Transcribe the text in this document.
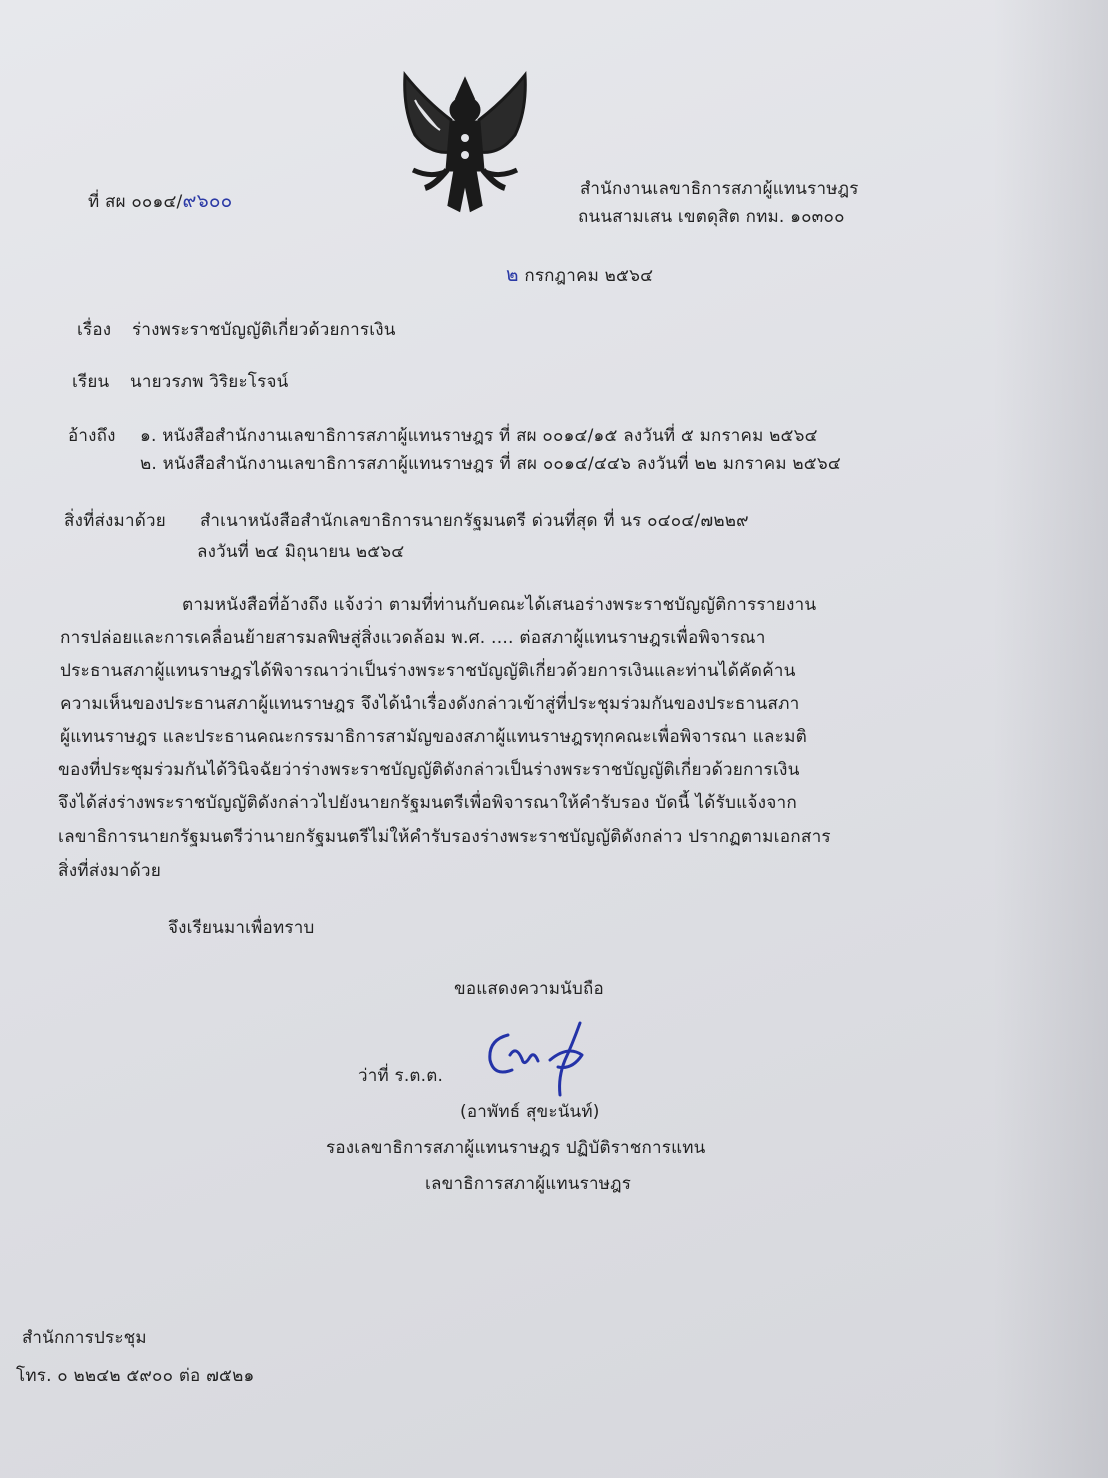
ที่ สผ ๐๐๑๔/๙๖๐๐
สำนักงานเลขาธิการสภาผู้แทนราษฎร
ถนนสามเสน เขตดุสิต กทม. ๑๐๓๐๐
๒ กรกฎาคม ๒๕๖๔
เรื่อง ร่างพระราชบัญญัติเกี่ยวด้วยการเงิน
เรียน นายวรภพ วิริยะโรจน์
อ้างถึง ๑. หนังสือสำนักงานเลขาธิการสภาผู้แทนราษฎร ที่ สผ ๐๐๑๔/๑๕ ลงวันที่ ๕ มกราคม ๒๕๖๔
๒. หนังสือสำนักงานเลขาธิการสภาผู้แทนราษฎร ที่ สผ ๐๐๑๔/๔๔๖ ลงวันที่ ๒๒ มกราคม ๒๕๖๔
สิ่งที่ส่งมาด้วย สำเนาหนังสือสำนักเลขาธิการนายกรัฐมนตรี ด่วนที่สุด ที่ นร ๐๔๐๔/๗๒๒๙
ลงวันที่ ๒๔ มิถุนายน ๒๕๖๔
ตามหนังสือที่อ้างถึง แจ้งว่า ตามที่ท่านกับคณะได้เสนอร่างพระราชบัญญัติการรายงาน
การปล่อยและการเคลื่อนย้ายสารมลพิษสู่สิ่งแวดล้อม พ.ศ. .... ต่อสภาผู้แทนราษฎรเพื่อพิจารณา
ประธานสภาผู้แทนราษฎรได้พิจารณาว่าเป็นร่างพระราชบัญญัติเกี่ยวด้วยการเงินและท่านได้คัดค้าน
ความเห็นของประธานสภาผู้แทนราษฎร จึงได้นำเรื่องดังกล่าวเข้าสู่ที่ประชุมร่วมกันของประธานสภา
ผู้แทนราษฎร และประธานคณะกรรมาธิการสามัญของสภาผู้แทนราษฎรทุกคณะเพื่อพิจารณา และมติ
ของที่ประชุมร่วมกันได้วินิจฉัยว่าร่างพระราชบัญญัติดังกล่าวเป็นร่างพระราชบัญญัติเกี่ยวด้วยการเงิน
จึงได้ส่งร่างพระราชบัญญัติดังกล่าวไปยังนายกรัฐมนตรีเพื่อพิจารณาให้คำรับรอง บัดนี้ ได้รับแจ้งจาก
เลขาธิการนายกรัฐมนตรีว่านายกรัฐมนตรีไม่ให้คำรับรองร่างพระราชบัญญัติดังกล่าว ปรากฏตามเอกสาร
สิ่งที่ส่งมาด้วย
จึงเรียนมาเพื่อทราบ
ขอแสดงความนับถือ
ว่าที่ ร.ต.ต.
(อาพัทธ์ สุขะนันท์)
รองเลขาธิการสภาผู้แทนราษฎร ปฏิบัติราชการแทน
เลขาธิการสภาผู้แทนราษฎร
สำนักการประชุม
โทร. ๐ ๒๒๔๒ ๕๙๐๐ ต่อ ๗๕๒๑
